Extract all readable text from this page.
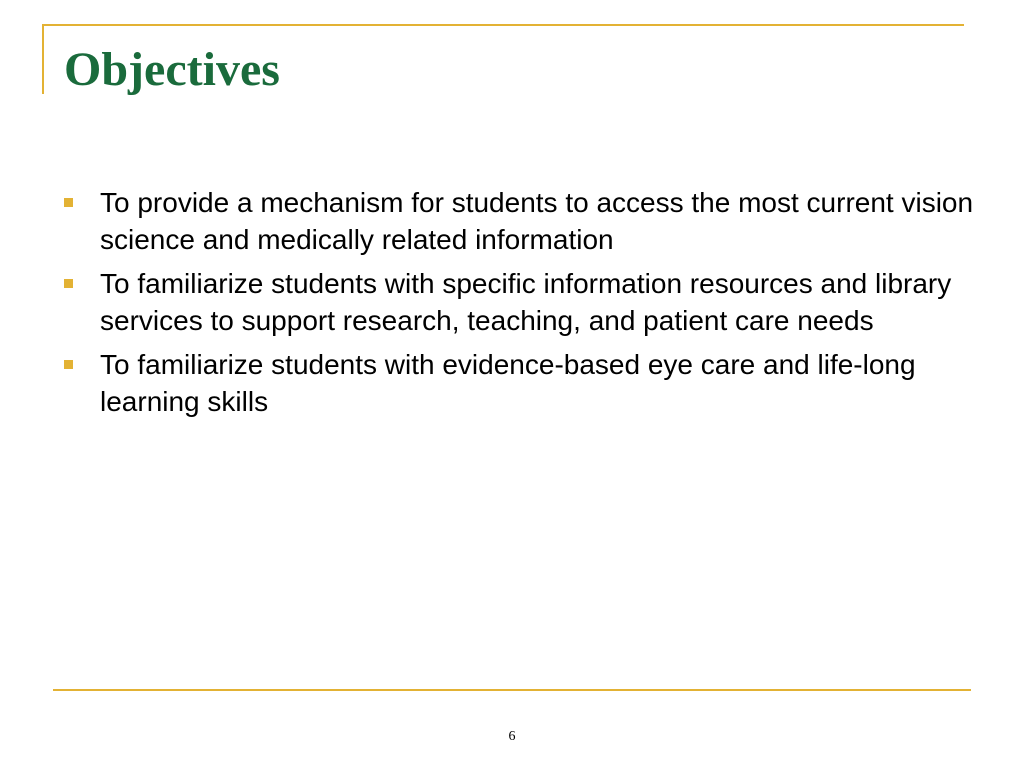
Objectives
To provide a mechanism for students to access the most current vision science and medically related information
To familiarize students with specific information resources and library services to support research, teaching, and patient care needs
To familiarize students with evidence-based eye care and life-long learning skills
6
